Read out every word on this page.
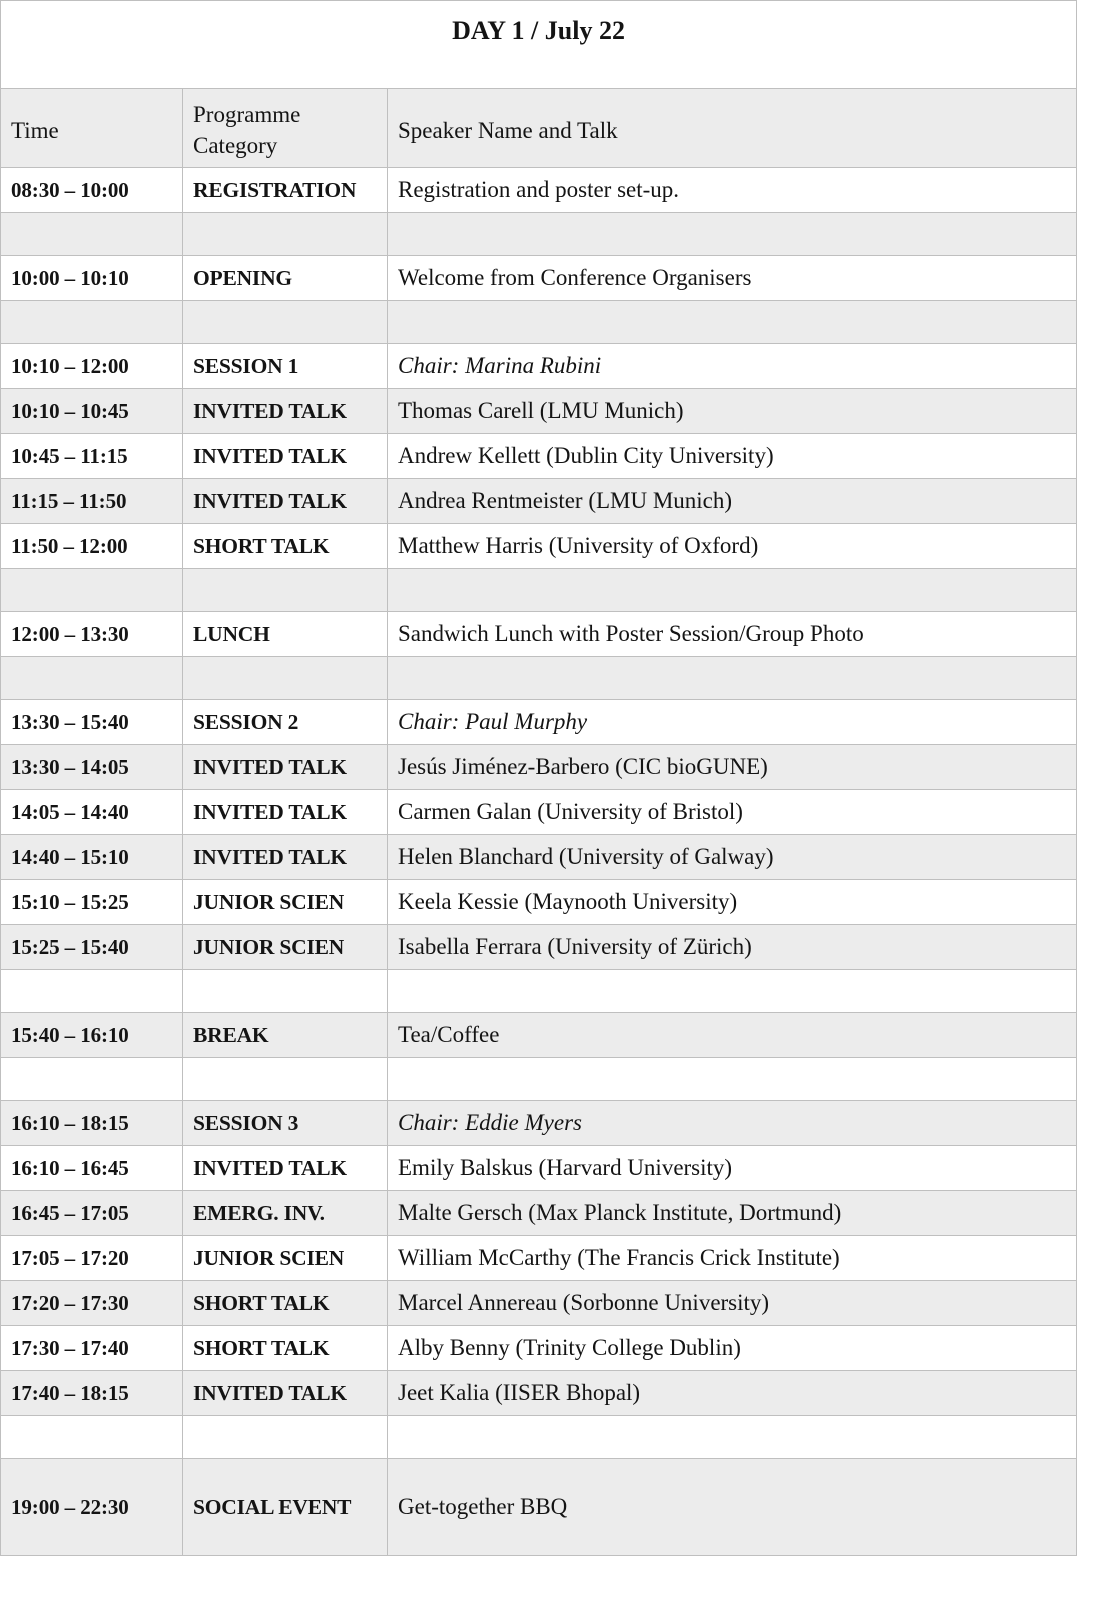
DAY 1 / July 22		

Time	Programme Category	Speaker Name and Talk
08:30 – 10:00	REGISTRATION	Registration and poster set-up.

10:00 – 10:10	OPENING	Welcome from Conference Organisers

10:10 – 12:00	SESSION 1	Chair: Marina Rubini
10:10 – 10:45	INVITED TALK	Thomas Carell (LMU Munich)
10:45 – 11:15	INVITED TALK	Andrew Kellett (Dublin City University)
11:15 – 11:50	INVITED TALK	Andrea Rentmeister (LMU Munich)
11:50 – 12:00	SHORT TALK	Matthew Harris (University of Oxford)

12:00 – 13:30	LUNCH	Sandwich Lunch with Poster Session/Group Photo

13:30 – 15:40	SESSION 2	Chair: Paul Murphy
13:30 – 14:05	INVITED TALK	Jesús Jiménez-Barbero (CIC bioGUNE)
14:05 – 14:40	INVITED TALK	Carmen Galan (University of Bristol)
14:40 – 15:10	INVITED TALK	Helen Blanchard (University of Galway)
15:10 – 15:25	JUNIOR SCIEN	Keela Kessie (Maynooth University)
15:25 – 15:40	JUNIOR SCIEN	Isabella Ferrara (University of Zürich)

15:40 – 16:10	BREAK	Tea/Coffee

16:10 – 18:15	SESSION 3	Chair: Eddie Myers
16:10 – 16:45	INVITED TALK	Emily Balskus (Harvard University)
16:45 – 17:05	EMERG. INV.	Malte Gersch (Max Planck Institute, Dortmund)
17:05 – 17:20	JUNIOR SCIEN	William McCarthy (The Francis Crick Institute)
17:20 – 17:30	SHORT TALK	Marcel Annereau (Sorbonne University)
17:30 – 17:40	SHORT TALK	Alby Benny (Trinity College Dublin)
17:40 – 18:15	INVITED TALK	Jeet Kalia (IISER Bhopal)

19:00 – 22:30	SOCIAL EVENT	Get-together BBQ
